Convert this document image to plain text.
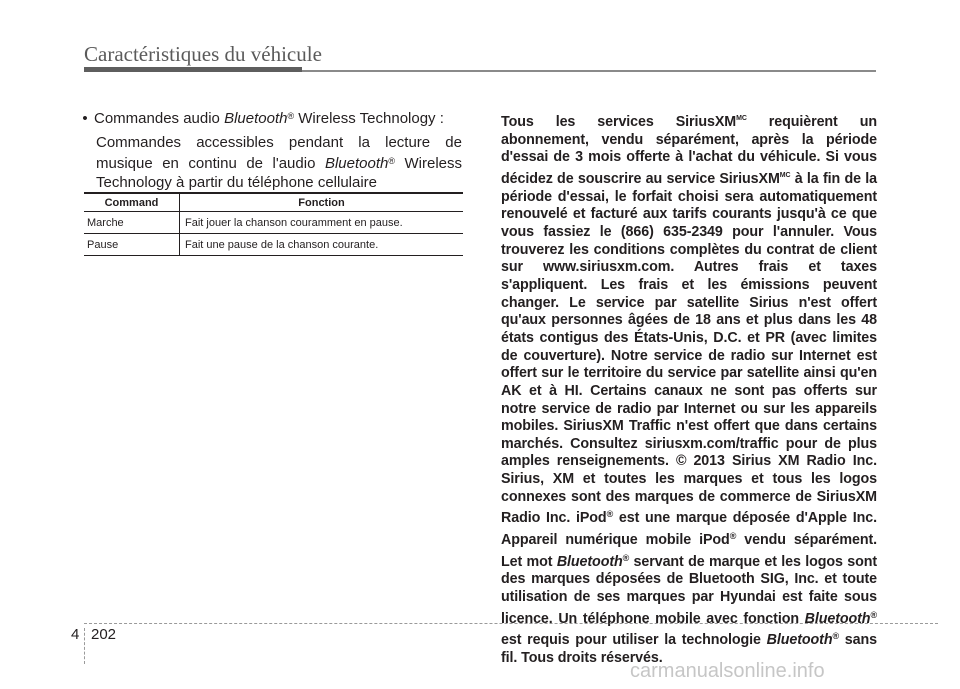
Caractéristiques du véhicule
• Commandes audio Bluetooth® Wireless Technology :

Commandes accessibles pendant la lecture de musique en continu de l'audio Bluetooth® Wireless Technology à partir du téléphone cellulaire

Command	Fonction
Marche	Fait jouer la chanson couramment en pause.
Pause	Fait une pause de la chanson courante.
Tous les services SiriusXM$^{MC}$ requièrent un abonnement, vendu séparément, après la période d'essai de 3 mois offerte à l'achat du véhicule. Si vous décidez de souscrire au service SiriusXM$^{MC}$ à la fin de la période d'essai, le forfait choisi sera automatiquement renouvelé et facturé aux tarifs courants jusqu'à ce que vous fassiez le (866) 635-2349 pour l'annuler. Vous trouverez les conditions complètes du contrat de client sur www.siriusxm.com. Autres frais et taxes s'appliquent. Les frais et les émissions peuvent changer. Le service par satellite Sirius n'est offert qu'aux personnes âgées de 18 ans et plus dans les 48 états contigus des États-Unis, D.C. et PR (avec limites de couverture). Notre service de radio sur Internet est offert sur le territoire du service par satellite ainsi qu'en AK et à HI. Certains canaux ne sont pas offerts sur notre service de radio par Internet ou sur les appareils mobiles. SiriusXM Traffic n'est offert que dans certains marchés. Consultez siriusxm.com/traffic pour de plus amples renseignements. © 2013 Sirius XM Radio Inc. Sirius, XM et toutes les marques et tous les logos connexes sont des marques de commerce de SiriusXM Radio Inc. iPod® est une marque déposée d'Apple Inc. Appareil numérique mobile iPod® vendu séparément. Let mot Bluetooth® servant de marque et les logos sont des marques déposées de Bluetooth SIG, Inc. et toute utilisation de ses marques par Hyundai est faite sous licence. Un téléphone mobile avec fonction Bluetooth® est requis pour utiliser la technologie Bluetooth® sans fil. Tous droits réservés.
4 202
carmanualsonline.info
